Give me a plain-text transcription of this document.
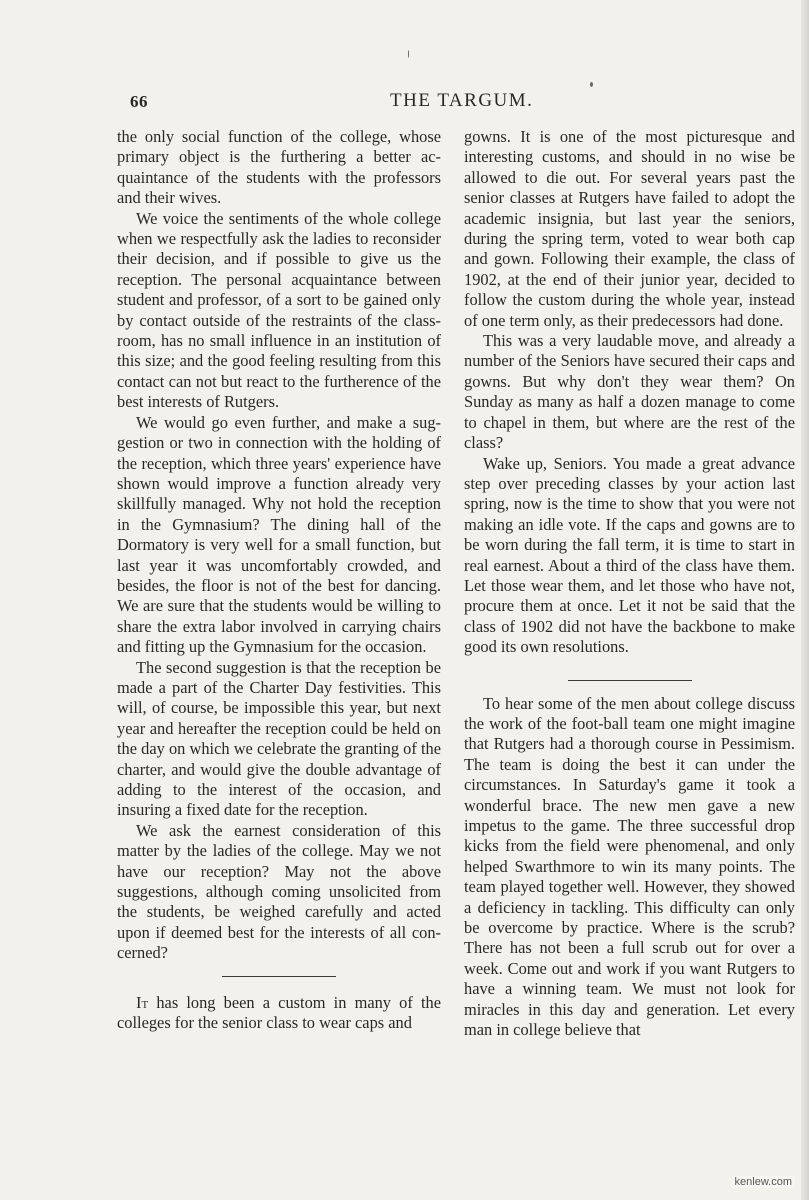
66	THE TARGUM.

the only social function of the college, whose primary object is the furthering a better acquaintance of the students with the professors and their wives.

We voice the sentiments of the whole college when we respectfully ask the ladies to reconsider their decision, and if possible to give us the reception. The personal acquaintance between student and professor, of a sort to be gained only by contact outside of the restraints of the class-room, has no small influence in an institution of this size; and the good feeling resulting from this contact can not but react to the furtherence of the best interests of Rutgers.

We would go even further, and make a suggestion or two in connection with the holding of the reception, which three years' experience have shown would improve a function already very skillfully managed. Why not hold the reception in the Gymnasium? The dining hall of the Dormatory is very well for a small function, but last year it was uncomfortably crowded, and besides, the floor is not of the best for dancing. We are sure that the students would be willing to share the extra labor involved in carrying chairs and fitting up the Gymnasium for the occasion.

The second suggestion is that the reception be made a part of the Charter Day festivities. This will, of course, be impossible this year, but next year and hereafter the reception could be held on the day on which we celebrate the granting of the charter, and would give the double advantage of adding to the interest of the occasion, and insuring a fixed date for the reception.

We ask the earnest consideration of this matter by the ladies of the college. May we not have our reception? May not the above suggestions, although coming unsolicited from the students, be weighed carefully and acted upon if deemed best for the interests of all concerned?

It has long been a custom in many of the colleges for the senior class to wear caps and

gowns. It is one of the most picturesque and interesting customs, and should in no wise be allowed to die out. For several years past the senior classes at Rutgers have failed to adopt the academic insignia, but last year the seniors, during the spring term, voted to wear both cap and gown. Following their example, the class of 1902, at the end of their junior year, decided to follow the custom during the whole year, instead of one term only, as their predecessors had done.

This was a very laudable move, and already a number of the Seniors have secured their caps and gowns. But why don't they wear them? On Sunday as many as half a dozen manage to come to chapel in them, but where are the rest of the class?

Wake up, Seniors. You made a great advance step over preceding classes by your action last spring, now is the time to show that you were not making an idle vote. If the caps and gowns are to be worn during the fall term, it is time to start in real earnest. About a third of the class have them. Let those wear them, and let those who have not, procure them at once. Let it not be said that the class of 1902 did not have the backbone to make good its own resolutions.

To hear some of the men about college discuss the work of the foot-ball team one might imagine that Rutgers had a thorough course in Pessimism. The team is doing the best it can under the circumstances. In Saturday's game it took a wonderful brace. The new men gave a new impetus to the game. The three successful drop kicks from the field were phenomenal, and only helped Swarthmore to win its many points. The team played together well. However, they showed a deficiency in tackling. This difficulty can only be overcome by practice. Where is the scrub? There has not been a full scrub out for over a week. Come out and work if you want Rutgers to have a winning team. We must not look for miracles in this day and generation. Let every man in college believe that

kenlew.com
